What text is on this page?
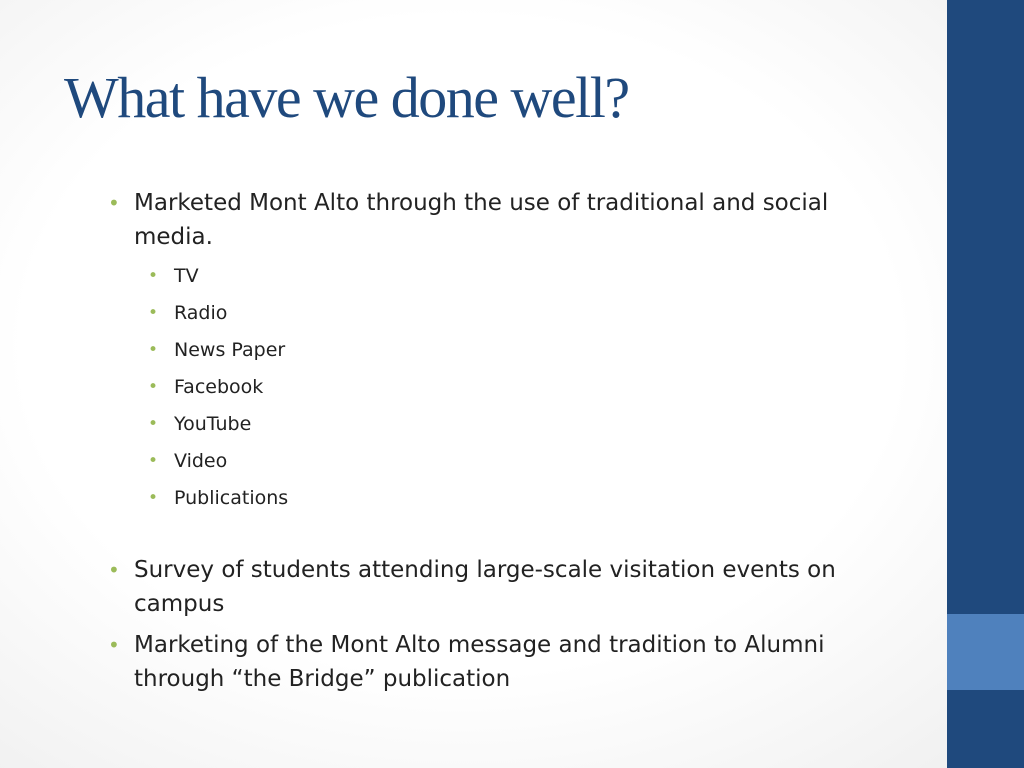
What have we done well?
• Marketed Mont Alto through the use of traditional and social media.
• TV
• Radio
• News Paper
• Facebook
• YouTube
• Video
• Publications
• Survey of students attending large-scale visitation events on campus
• Marketing of the Mont Alto message and tradition to Alumni through “the Bridge” publication
